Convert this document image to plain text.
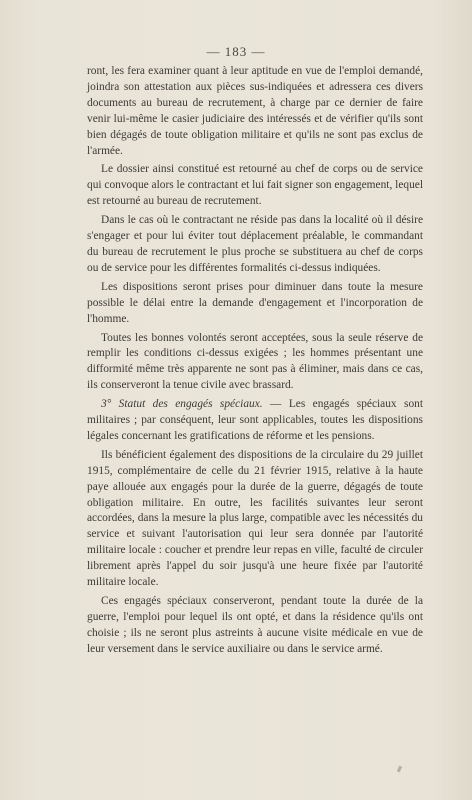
— 183 —

ront, les fera examiner quant à leur aptitude en vue de l'emploi demandé, joindra son attestation aux pièces sus-indiquées et adressera ces divers documents au bureau de recrutement, à charge par ce dernier de faire venir lui-même le casier judiciaire des intéressés et de vérifier qu'ils sont bien dégagés de toute obligation militaire et qu'ils ne sont pas exclus de l'armée.

Le dossier ainsi constitué est retourné au chef de corps ou de service qui convoque alors le contractant et lui fait signer son engagement, lequel est retourné au bureau de recrutement.

Dans le cas où le contractant ne réside pas dans la localité où il désire s'engager et pour lui éviter tout déplacement préalable, le commandant du bureau de recrutement le plus proche se substituera au chef de corps ou de service pour les différentes formalités ci-dessus indiquées.

Les dispositions seront prises pour diminuer dans toute la mesure possible le délai entre la demande d'engagement et l'incorporation de l'homme.

Toutes les bonnes volontés seront acceptées, sous la seule réserve de remplir les conditions ci-dessus exigées ; les hommes présentant une difformité même très apparente ne sont pas à éliminer, mais dans ce cas, ils conserveront la tenue civile avec brassard.

3° Statut des engagés spéciaux. — Les engagés spéciaux sont militaires ; par conséquent, leur sont applicables, toutes les dispositions légales concernant les gratifications de réforme et les pensions.

Ils bénéficient également des dispositions de la circulaire du 29 juillet 1915, complémentaire de celle du 21 février 1915, relative à la haute paye allouée aux engagés pour la durée de la guerre, dégagés de toute obligation militaire. En outre, les facilités suivantes leur seront accordées, dans la mesure la plus large, compatible avec les nécessités du service et suivant l'autorisation qui leur sera donnée par l'autorité militaire locale : coucher et prendre leur repas en ville, faculté de circuler librement après l'appel du soir jusqu'à une heure fixée par l'autorité militaire locale.

Ces engagés spéciaux conserveront, pendant toute la durée de la guerre, l'emploi pour lequel ils ont opté, et dans la résidence qu'ils ont choisie ; ils ne seront plus astreints à aucune visite médicale en vue de leur versement dans le service auxiliaire ou dans le service armé.
